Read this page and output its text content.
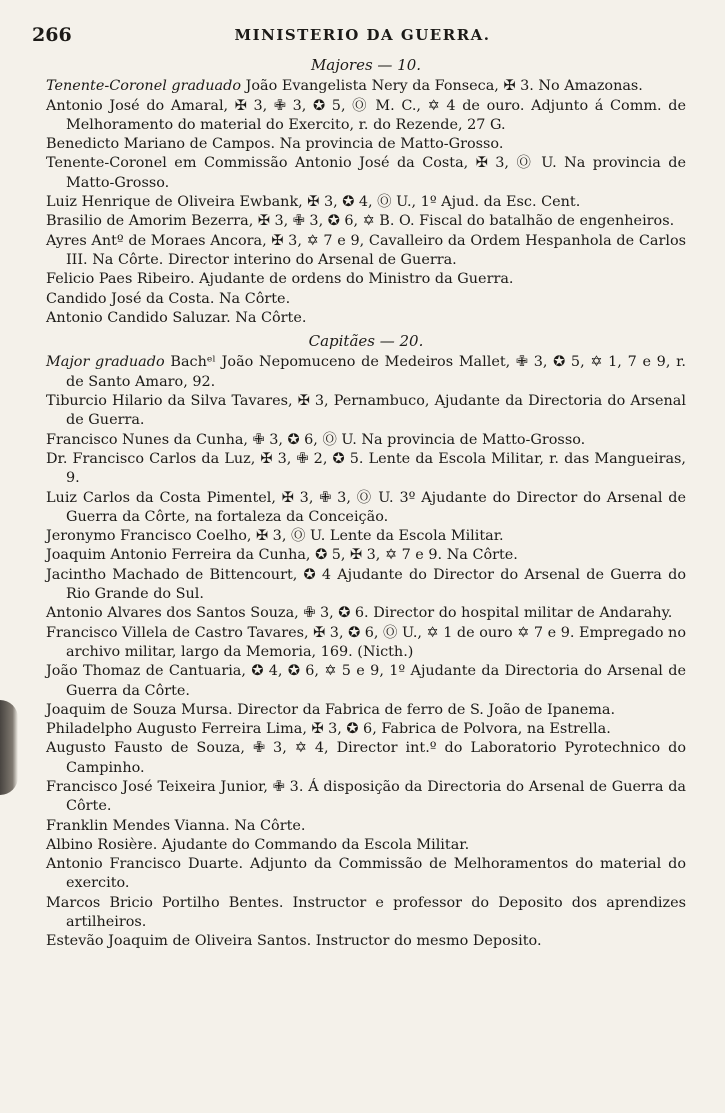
266	MINISTERIO DA GUERRA.
Majores — 10.
Tenente-Coronel graduado João Evangelista Nery da Fonseca, ✠ 3. No Amazonas.
Antonio José do Amaral, ✠ 3, ✙ 3, ✪ 5, Ⓞ M. C., ✡ 4 de ouro. Adjunto á Comm. de Melhoramento do material do Exercito, r. do Rezende, 27 G.
Benedicto Mariano de Campos. Na provincia de Matto-Grosso.
Tenente-Coronel em Commissão Antonio José da Costa, ✠ 3, Ⓞ U. Na provincia de Matto-Grosso.
Luiz Henrique de Oliveira Ewbank, ✠ 3, ✪ 4, Ⓞ U., 1º Ajud. da Esc. Cent.
Brasilio de Amorim Bezerra, ✠ 3, ✙ 3, ✪ 6, ✡ B. O. Fiscal do batalhão de engenheiros.
Ayres Antº de Moraes Ancora, ✠ 3, ✡ 7 e 9, Cavalleiro da Ordem Hespanhola de Carlos III. Na Côrte. Director interino do Arsenal de Guerra.
Felicio Paes Ribeiro. Ajudante de ordens do Ministro da Guerra.
Candido José da Costa. Na Côrte.
Antonio Candido Saluzar. Na Côrte.
Capitães — 20.
Major graduado Bachᵉˡ João Nepomuceno de Medeiros Mallet, ✙ 3, ✪ 5, ✡ 1, 7 e 9, r. de Santo Amaro, 92.
Tiburcio Hilario da Silva Tavares, ✠ 3, Pernambuco, Ajudante da Directoria do Arsenal de Guerra.
Francisco Nunes da Cunha, ✙ 3, ✪ 6, Ⓞ U. Na provincia de Matto-Grosso.
Dr. Francisco Carlos da Luz, ✠ 3, ✙ 2, ✪ 5. Lente da Escola Militar, r. das Mangueiras, 9.
Luiz Carlos da Costa Pimentel, ✠ 3, ✙ 3, Ⓞ U. 3º Ajudante do Director do Arsenal de Guerra da Côrte, na fortaleza da Conceição.
Jeronymo Francisco Coelho, ✠ 3, Ⓞ U. Lente da Escola Militar.
Joaquim Antonio Ferreira da Cunha, ✪ 5, ✠ 3, ✡ 7 e 9. Na Côrte.
Jacintho Machado de Bittencourt, ✪ 4 Ajudante do Director do Arsenal de Guerra do Rio Grande do Sul.
Antonio Alvares dos Santos Souza, ✙ 3, ✪ 6. Director do hospital militar de Andarahy.
Francisco Villela de Castro Tavares, ✠ 3, ✪ 6, Ⓞ U., ✡ 1 de ouro ✡ 7 e 9. Empregado no archivo militar, largo da Memoria, 169. (Nicth.)
João Thomaz de Cantuaria, ✪ 4, ✪ 6, ✡ 5 e 9, 1º Ajudante da Directoria do Arsenal de Guerra da Côrte.
Joaquim de Souza Mursa. Director da Fabrica de ferro de S. João de Ipanema.
Philadelpho Augusto Ferreira Lima, ✠ 3, ✪ 6, Fabrica de Polvora, na Estrella.
Augusto Fausto de Souza, ✙ 3, ✡ 4, Director int.º do Laboratorio Pyrotechnico do Campinho.
Francisco José Teixeira Junior, ✙ 3. Á disposição da Directoria do Arsenal de Guerra da Côrte.
Franklin Mendes Vianna. Na Côrte.
Albino Rosière. Ajudante do Commando da Escola Militar.
Antonio Francisco Duarte. Adjunto da Commissão de Melhoramentos do material do exercito.
Marcos Bricio Portilho Bentes. Instructor e professor do Deposito dos aprendizes artilheiros.
Estevão Joaquim de Oliveira Santos. Instructor do mesmo Deposito.
